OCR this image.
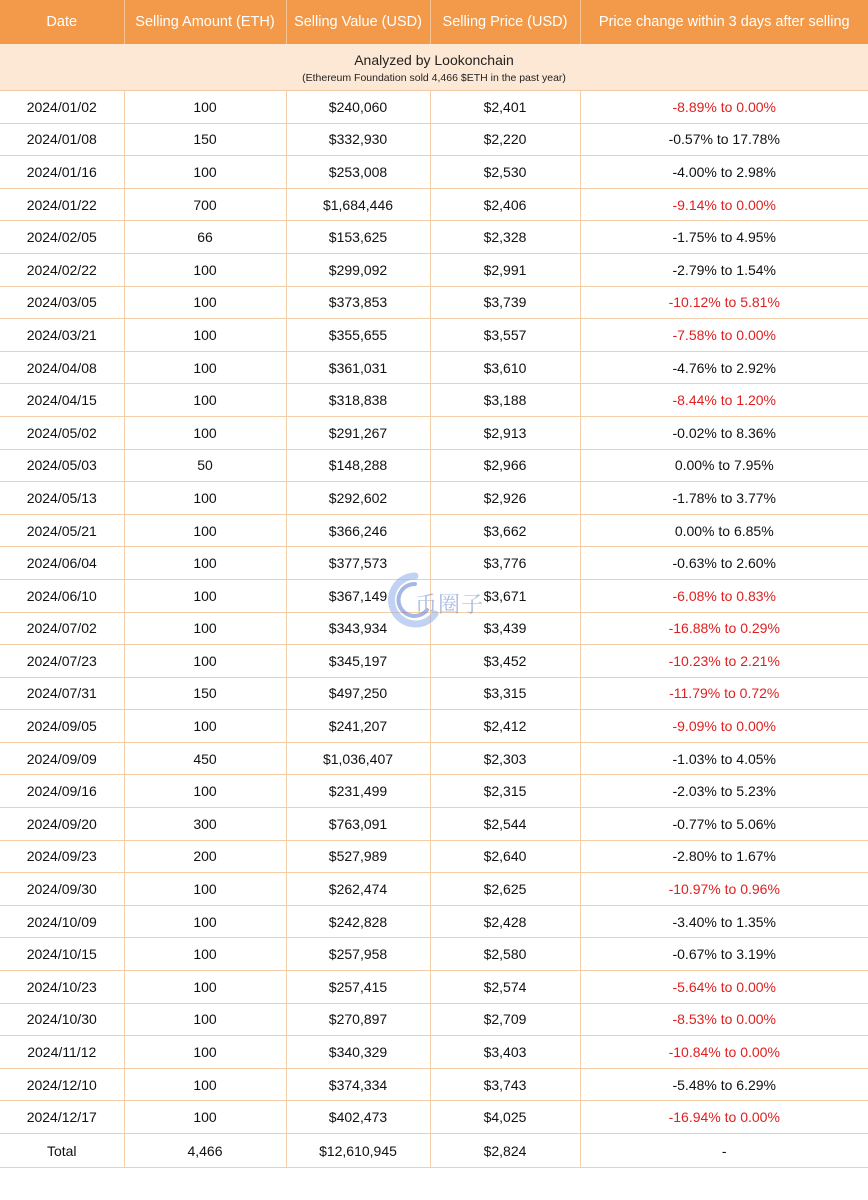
Date	Selling Amount (ETH)	Selling Value (USD)	Selling Price (USD)	Price change within 3 days after selling

Analyzed by Lookonchain
(Ethereum Foundation sold 4,466 $ETH in the past year)				

2024/01/02	100	$240,060	$2,401	-8.89% to 0.00%
2024/01/08	150	$332,930	$2,220	-0.57% to 17.78%
2024/01/16	100	$253,008	$2,530	-4.00% to 2.98%
2024/01/22	700	$1,684,446	$2,406	-9.14% to 0.00%
2024/02/05	66	$153,625	$2,328	-1.75% to 4.95%
2024/02/22	100	$299,092	$2,991	-2.79% to 1.54%
2024/03/05	100	$373,853	$3,739	-10.12% to 5.81%
2024/03/21	100	$355,655	$3,557	-7.58% to 0.00%
2024/04/08	100	$361,031	$3,610	-4.76% to 2.92%
2024/04/15	100	$318,838	$3,188	-8.44% to 1.20%
2024/05/02	100	$291,267	$2,913	-0.02% to 8.36%
2024/05/03	50	$148,288	$2,966	0.00% to 7.95%
2024/05/13	100	$292,602	$2,926	-1.78% to 3.77%
2024/05/21	100	$366,246	$3,662	0.00% to 6.85%
2024/06/04	100	$377,573	$3,776	-0.63% to 2.60%
2024/06/10	100	$367,149	$3,671	-6.08% to 0.83%
2024/07/02	100	$343,934	$3,439	-16.88% to 0.29%
2024/07/23	100	$345,197	$3,452	-10.23% to 2.21%
2024/07/31	150	$497,250	$3,315	-11.79% to 0.72%
2024/09/05	100	$241,207	$2,412	-9.09% to 0.00%
2024/09/09	450	$1,036,407	$2,303	-1.03% to 4.05%
2024/09/16	100	$231,499	$2,315	-2.03% to 5.23%
2024/09/20	300	$763,091	$2,544	-0.77% to 5.06%
2024/09/23	200	$527,989	$2,640	-2.80% to 1.67%
2024/09/30	100	$262,474	$2,625	-10.97% to 0.96%
2024/10/09	100	$242,828	$2,428	-3.40% to 1.35%
2024/10/15	100	$257,958	$2,580	-0.67% to 3.19%
2024/10/23	100	$257,415	$2,574	-5.64% to 0.00%
2024/10/30	100	$270,897	$2,709	-8.53% to 0.00%
2024/11/12	100	$340,329	$3,403	-10.84% to 0.00%
2024/12/10	100	$374,334	$3,743	-5.48% to 6.29%
2024/12/17	100	$402,473	$4,025	-16.94% to 0.00%
Total	4,466	$12,610,945	$2,824	-
币圈子
